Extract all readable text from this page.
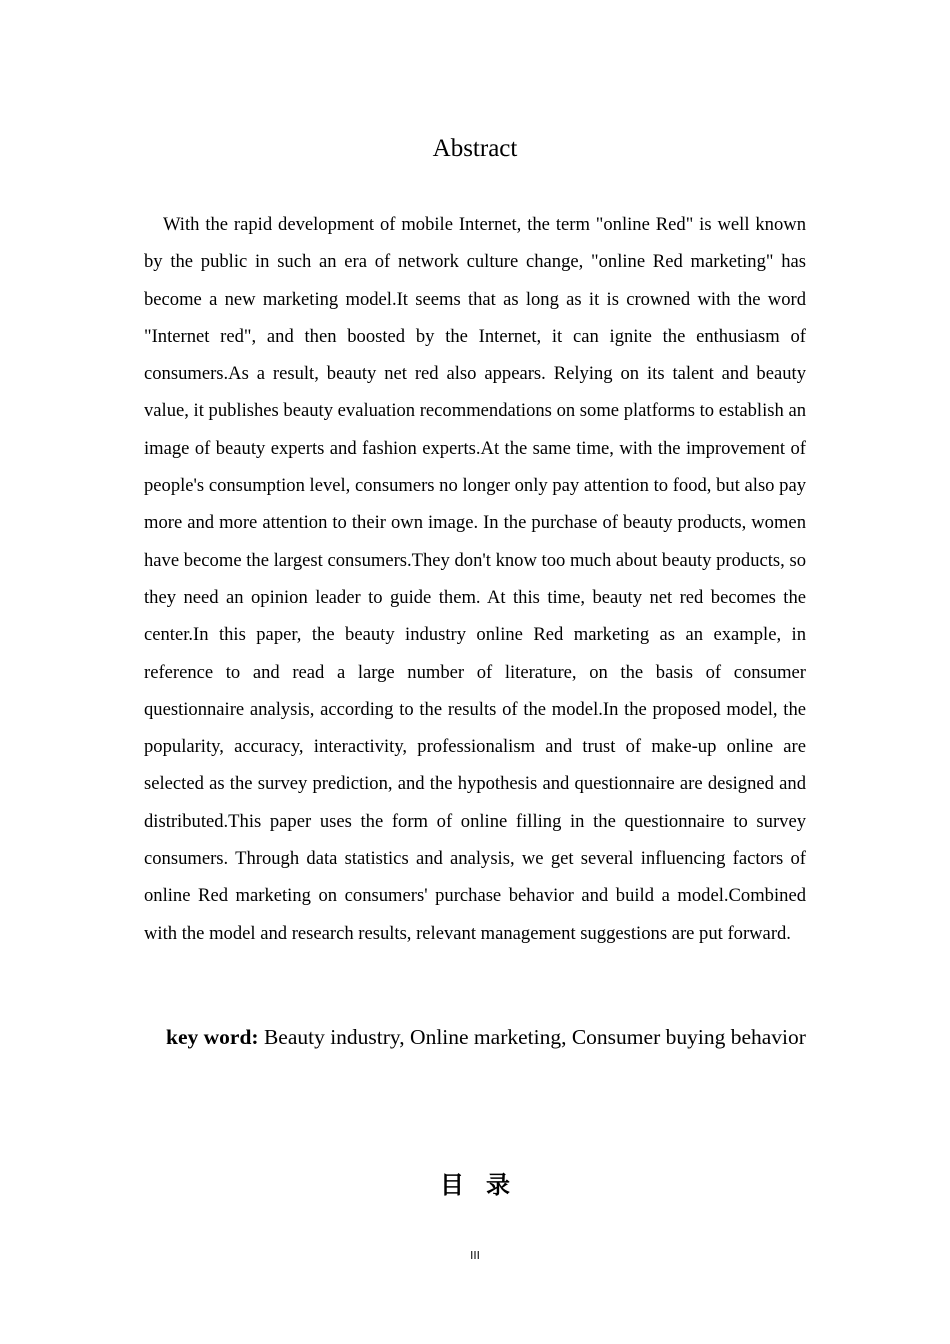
Abstract

With the rapid development of mobile Internet, the term "online Red" is well known by the public in such an era of network culture change, "online Red marketing" has become a new marketing model.It seems that as long as it is crowned with the word "Internet red", and then boosted by the Internet, it can ignite the enthusiasm of consumers.As a result, beauty net red also appears. Relying on its talent and beauty value, it publishes beauty evaluation recommendations on some platforms to establish an image of beauty experts and fashion experts.At the same time, with the improvement of people's consumption level, consumers no longer only pay attention to food, but also pay more and more attention to their own image. In the purchase of beauty products, women have become the largest consumers.They don't know too much about beauty products, so they need an opinion leader to guide them. At this time, beauty net red becomes the center.In this paper, the beauty industry online Red marketing as an example, in reference to and read a large number of literature, on the basis of consumer questionnaire analysis, according to the results of the model.In the proposed model, the popularity, accuracy, interactivity, professionalism and trust of make-up online are selected as the survey prediction, and the hypothesis and questionnaire are designed and distributed.This paper uses the form of online filling in the questionnaire to survey consumers. Through data statistics and analysis, we get several influencing factors of online Red marketing on consumers' purchase behavior and build a model.Combined with the model and research results, relevant management suggestions are put forward.

key word: Beauty industry, Online marketing, Consumer buying behavior

目录
III
